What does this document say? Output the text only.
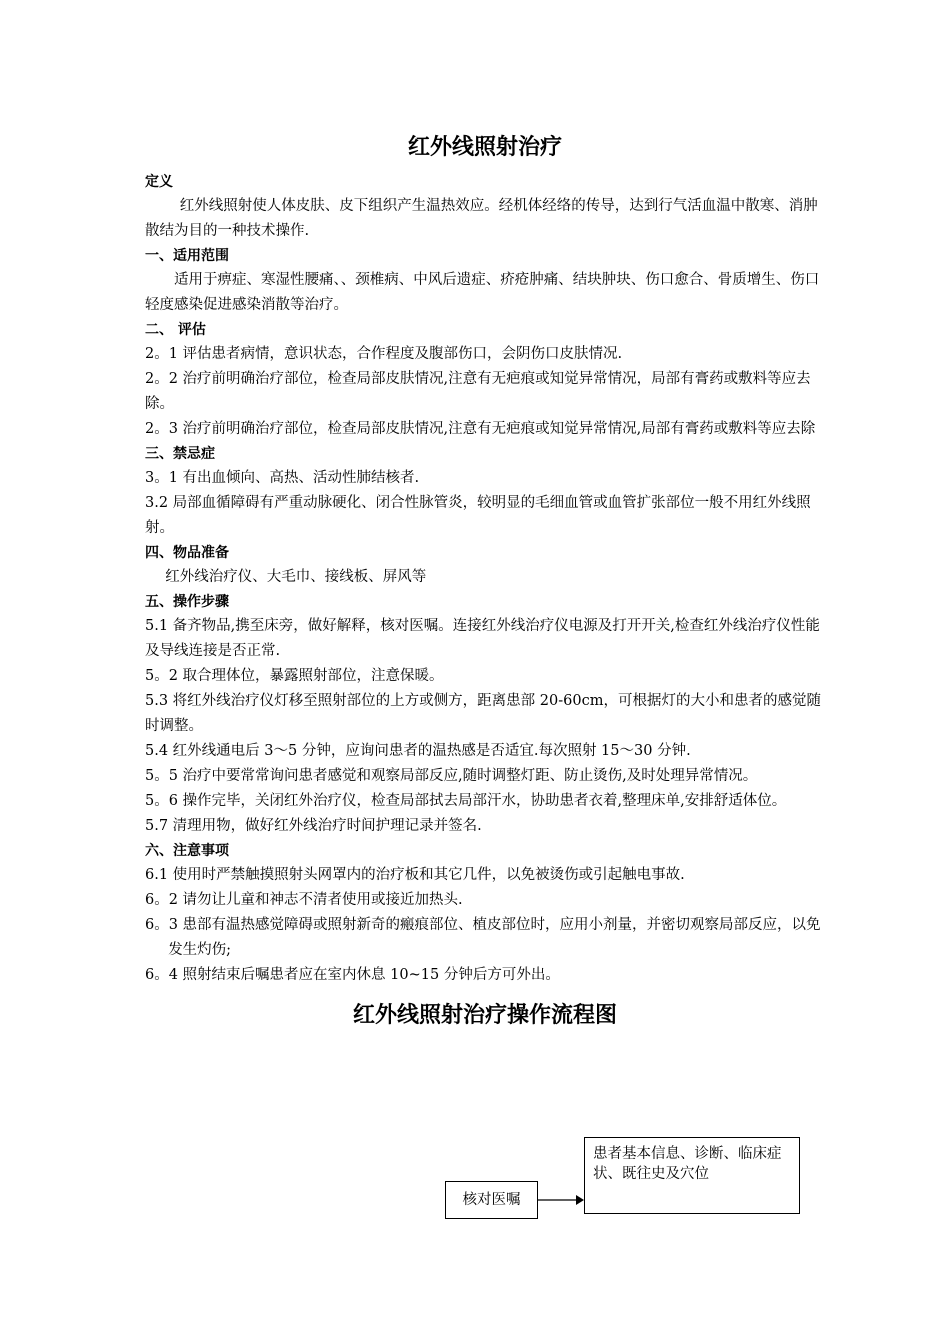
红外线照射治疗

定义

红外线照射使人体皮肤、皮下组织产生温热效应。经机体经络的传导，达到行气活血温中散寒、消肿散结为目的一种技术操作.

一、适用范围

适用于痹症、寒湿性腰痛、、颈椎病、中风后遗症、疥疮肿痛、结块肿块、伤口愈合、骨质增生、伤口轻度感染促进感染消散等治疗。

二、 评估

2。1 评估患者病情，意识状态，合作程度及腹部伤口，会阴伤口皮肤情况.

2。2 治疗前明确治疗部位，检查局部皮肤情况,注意有无疤痕或知觉异常情况，局部有膏药或敷料等应去除。

2。3 治疗前明确治疗部位，检查局部皮肤情况,注意有无疤痕或知觉异常情况,局部有膏药或敷料等应去除

三、禁忌症

3。1 有出血倾向、高热、活动性肺结核者.

3.2 局部血循障碍有严重动脉硬化、闭合性脉管炎，较明显的毛细血管或血管扩张部位一般不用红外线照射。

四、物品准备

红外线治疗仪、大毛巾、接线板、屏风等

五、操作步骤

5.1 备齐物品,携至床旁，做好解释，核对医嘱。连接红外线治疗仪电源及打开开关,检查红外线治疗仪性能及导线连接是否正常.

5。2 取合理体位，暴露照射部位，注意保暖。

5.3 将红外线治疗仪灯移至照射部位的上方或侧方，距离患部 20-60cm，可根据灯的大小和患者的感觉随时调整。

5.4 红外线通电后 3～5 分钟，应询问患者的温热感是否适宜.每次照射 15～30 分钟.

5。5 治疗中要常常询问患者感觉和观察局部反应,随时调整灯距、防止烫伤,及时处理异常情况。

5。6 操作完毕，关闭红外治疗仪，检查局部拭去局部汗水，协助患者衣着,整理床单,安排舒适体位。

5.7 清理用物，做好红外线治疗时间护理记录并签名.

六、注意事项

6.1 使用时严禁触摸照射头网罩内的治疗板和其它几件，以免被烫伤或引起触电事故.

6。2 请勿让儿童和神志不清者使用或接近加热头.

6。3 患部有温热感觉障碍或照射新奇的瘢痕部位、植皮部位时，应用小剂量，并密切观察局部反应，以免发生灼伤;

6。4 照射结束后嘱患者应在室内休息 10~15 分钟后方可外出。

红外线照射治疗操作流程图
患者基本信息、诊断、临床症状、既往史及穴位
核对医嘱
